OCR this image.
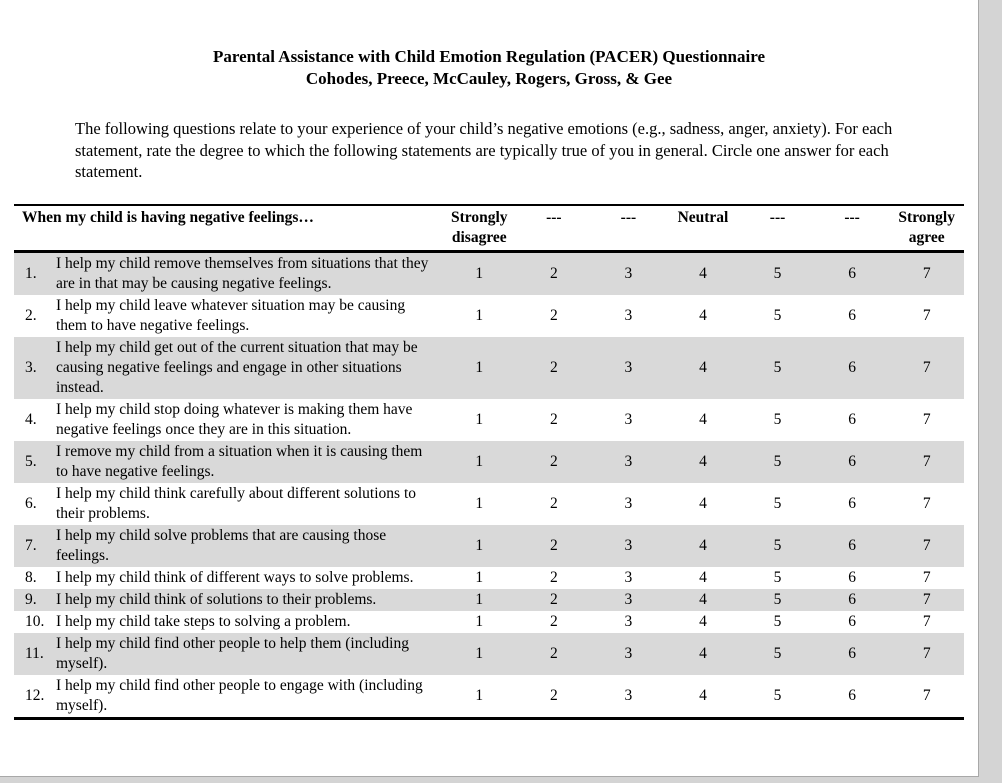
Parental Assistance with Child Emotion Regulation (PACER) Questionnaire

Cohodes, Preece, McCauley, Rogers, Gross, & Gee

The following questions relate to your experience of your child’s negative emotions (e.g., sadness, anger, anxiety). For each statement, rate the degree to which the following statements are typically true of you in general. Circle one answer for each statement.

When my child is having negative feelings…		Strongly disagree	---	---	Neutral	---	---	Strongly agree
1.	I help my child remove themselves from situations that they are in that may be causing negative feelings.	1	2	3	4	5	6	7
2.	I help my child leave whatever situation may be causing them to have negative feelings.	1	2	3	4	5	6	7
3.	I help my child get out of the current situation that may be causing negative feelings and engage in other situations instead.	1	2	3	4	5	6	7
4.	I help my child stop doing whatever is making them have negative feelings once they are in this situation.	1	2	3	4	5	6	7
5.	I remove my child from a situation when it is causing them to have negative feelings.	1	2	3	4	5	6	7
6.	I help my child think carefully about different solutions to their problems.	1	2	3	4	5	6	7
7.	I help my child solve problems that are causing those feelings.	1	2	3	4	5	6	7
8.	I help my child think of different ways to solve problems.	1	2	3	4	5	6	7
9.	I help my child think of solutions to their problems.	1	2	3	4	5	6	7
10.	I help my child take steps to solving a problem.	1	2	3	4	5	6	7
11.	I help my child find other people to help them (including myself).	1	2	3	4	5	6	7
12.	I help my child find other people to engage with (including myself).	1	2	3	4	5	6	7
